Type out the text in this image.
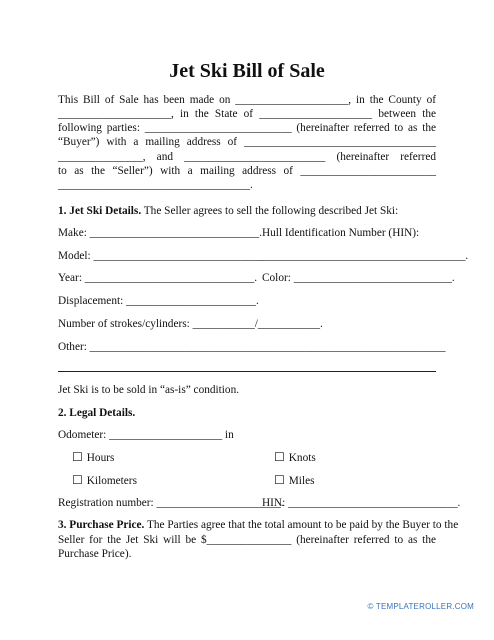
Jet Ski Bill of Sale
This Bill of Sale has been made on ____________________, in the County of
____________________, in the State of ____________________ between the
following parties: __________________________ (hereinafter referred to as the
“Buyer”) with a mailing address of __________________________________
_______________, and _________________________ (hereinafter referred
to as the “Seller”) with a mailing address of ________________________
__________________________________.
1. Jet Ski Details. The Seller agrees to sell the following described Jet Ski:
Make: ______________________________. Hull Identification Number (HIN):
Model: ______________________________ ____________________________________.
Year: ______________________________. Color: ____________________________.
Displacement: _______________________.
Number of strokes/cylinders: ___________/___________.
Other: _______________________________________________________________
Jet Ski is to be sold in “as-is” condition.
2. Legal Details.
Odometer: ____________________ in
☐ Hours	☐ Knots
☐ Kilometers	☐ Miles
Registration number: ______________________.
HIN: ______________________________.
3. Purchase Price. The Parties agree that the total amount to be paid by the Buyer to the
Seller for the Jet Ski will be $_______________ (hereinafter referred to as the
Purchase Price).
© TEMPLATEROLLER.COM
